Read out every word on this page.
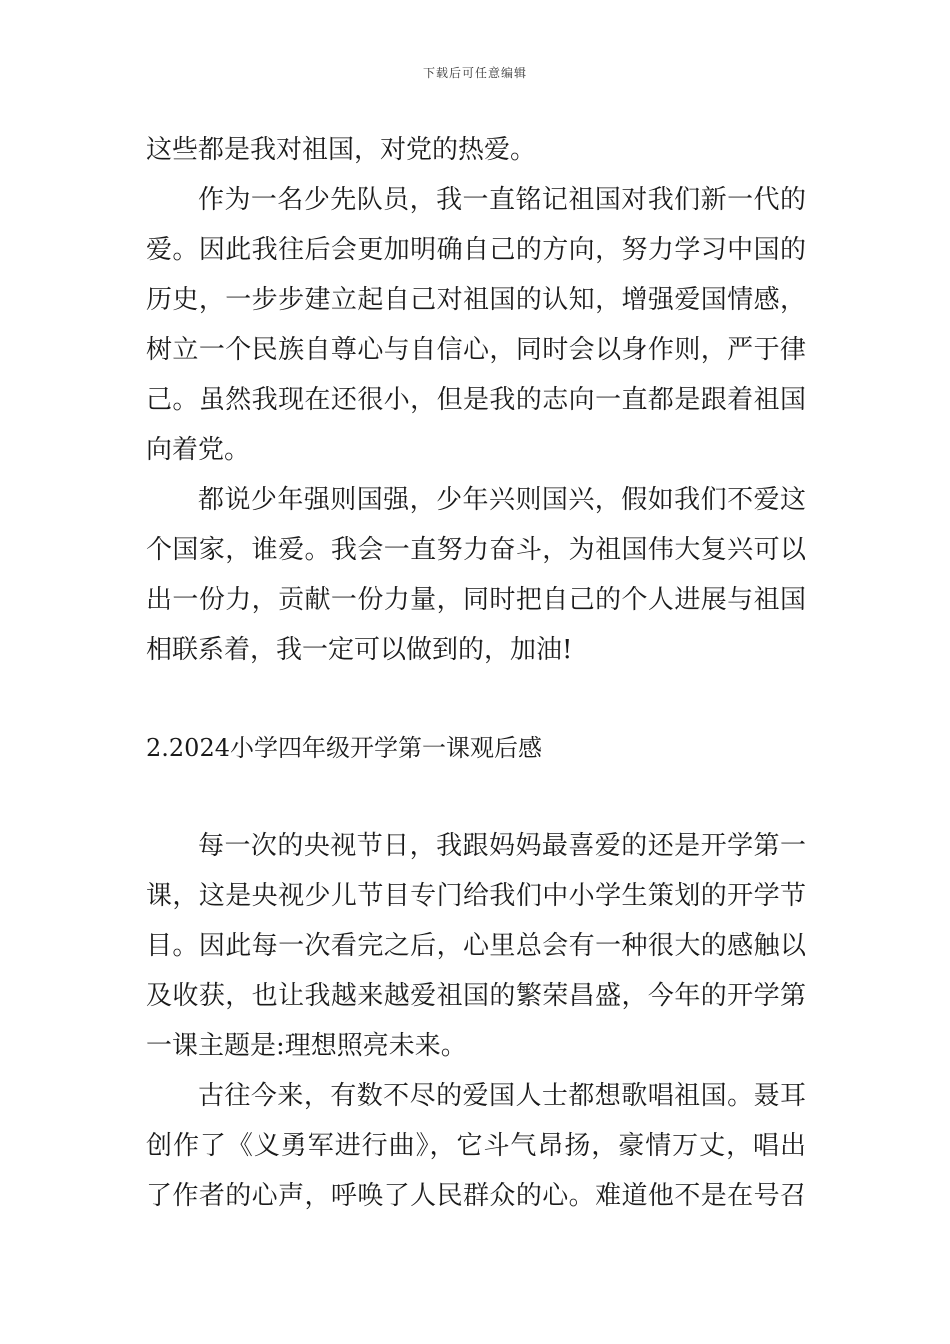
下载后可任意编辑
这些都是我对祖国，对党的热爱。
作为一名少先队员，我一直铭记祖国对我们新一代的
爱。因此我往后会更加明确自己的方向，努力学习中国的
历史，一步步建立起自己对祖国的认知，增强爱国情感，
树立一个民族自尊心与自信心，同时会以身作则，严于律
己。虽然我现在还很小，但是我的志向一直都是跟着祖国
向着党。
都说少年强则国强，少年兴则国兴，假如我们不爱这
个国家，谁爱。我会一直努力奋斗，为祖国伟大复兴可以
出一份力，贡献一份力量，同时把自己的个人进展与祖国
相联系着，我一定可以做到的，加油!
2.2024小学四年级开学第一课观后感
每一次的央视节日，我跟妈妈最喜爱的还是开学第一
课，这是央视少儿节目专门给我们中小学生策划的开学节
目。因此每一次看完之后，心里总会有一种很大的感触以
及收获，也让我越来越爱祖国的繁荣昌盛，今年的开学第
一课主题是:理想照亮未来。
古往今来，有数不尽的爱国人士都想歌唱祖国。聂耳
创作了《义勇军进行曲》，它斗气昂扬，豪情万丈，唱出
了作者的心声，呼唤了人民群众的心。难道他不是在号召
